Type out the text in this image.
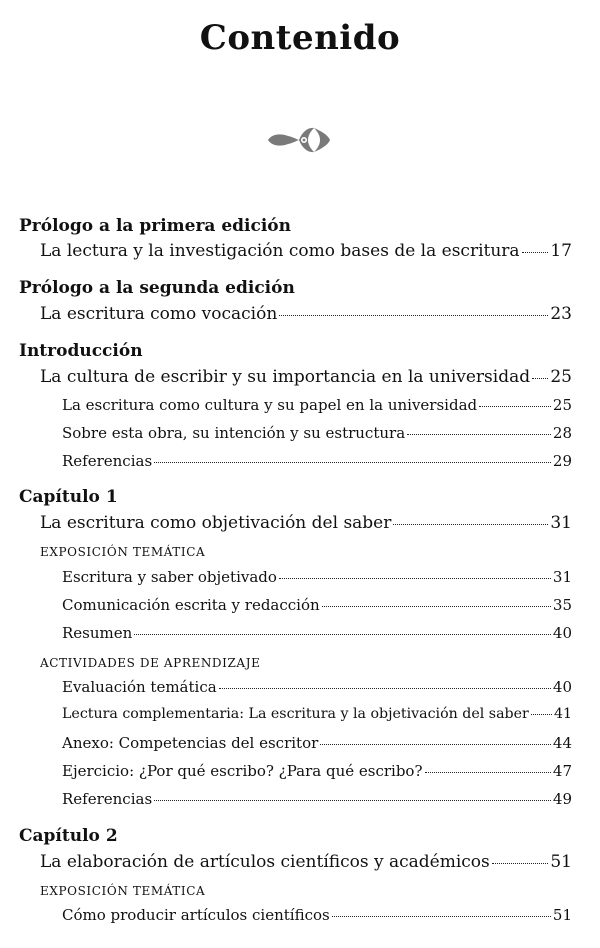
Contenido
Prólogo a la primera edición
La lectura y la investigación como bases de la escritura 17
Prólogo a la segunda edición
La escritura como vocación	23
Introducción
La cultura de escribir y su importancia en la universidad 25
La escritura como cultura y su papel en la universidad	25
Sobre esta obra, su intención y su estructura	28
Referencias	29
Capítulo 1
La escritura como objetivación del saber	31
EXPOSICIÓN TEMÁTICA
Escritura y saber objetivado	31
Comunicación escrita y redacción	35
Resumen	40
ACTIVIDADES DE APRENDIZAJE
Evaluación temática	40
Lectura complementaria: La escritura y la objetivación del saber 41
Anexo: Competencias del escritor	44
Ejercicio: ¿Por qué escribo? ¿Para qué escribo?	47
Referencias	49
Capítulo 2
La elaboración de artículos científicos y académicos	51
EXPOSICIÓN TEMÁTICA
Cómo producir artículos científicos	51
